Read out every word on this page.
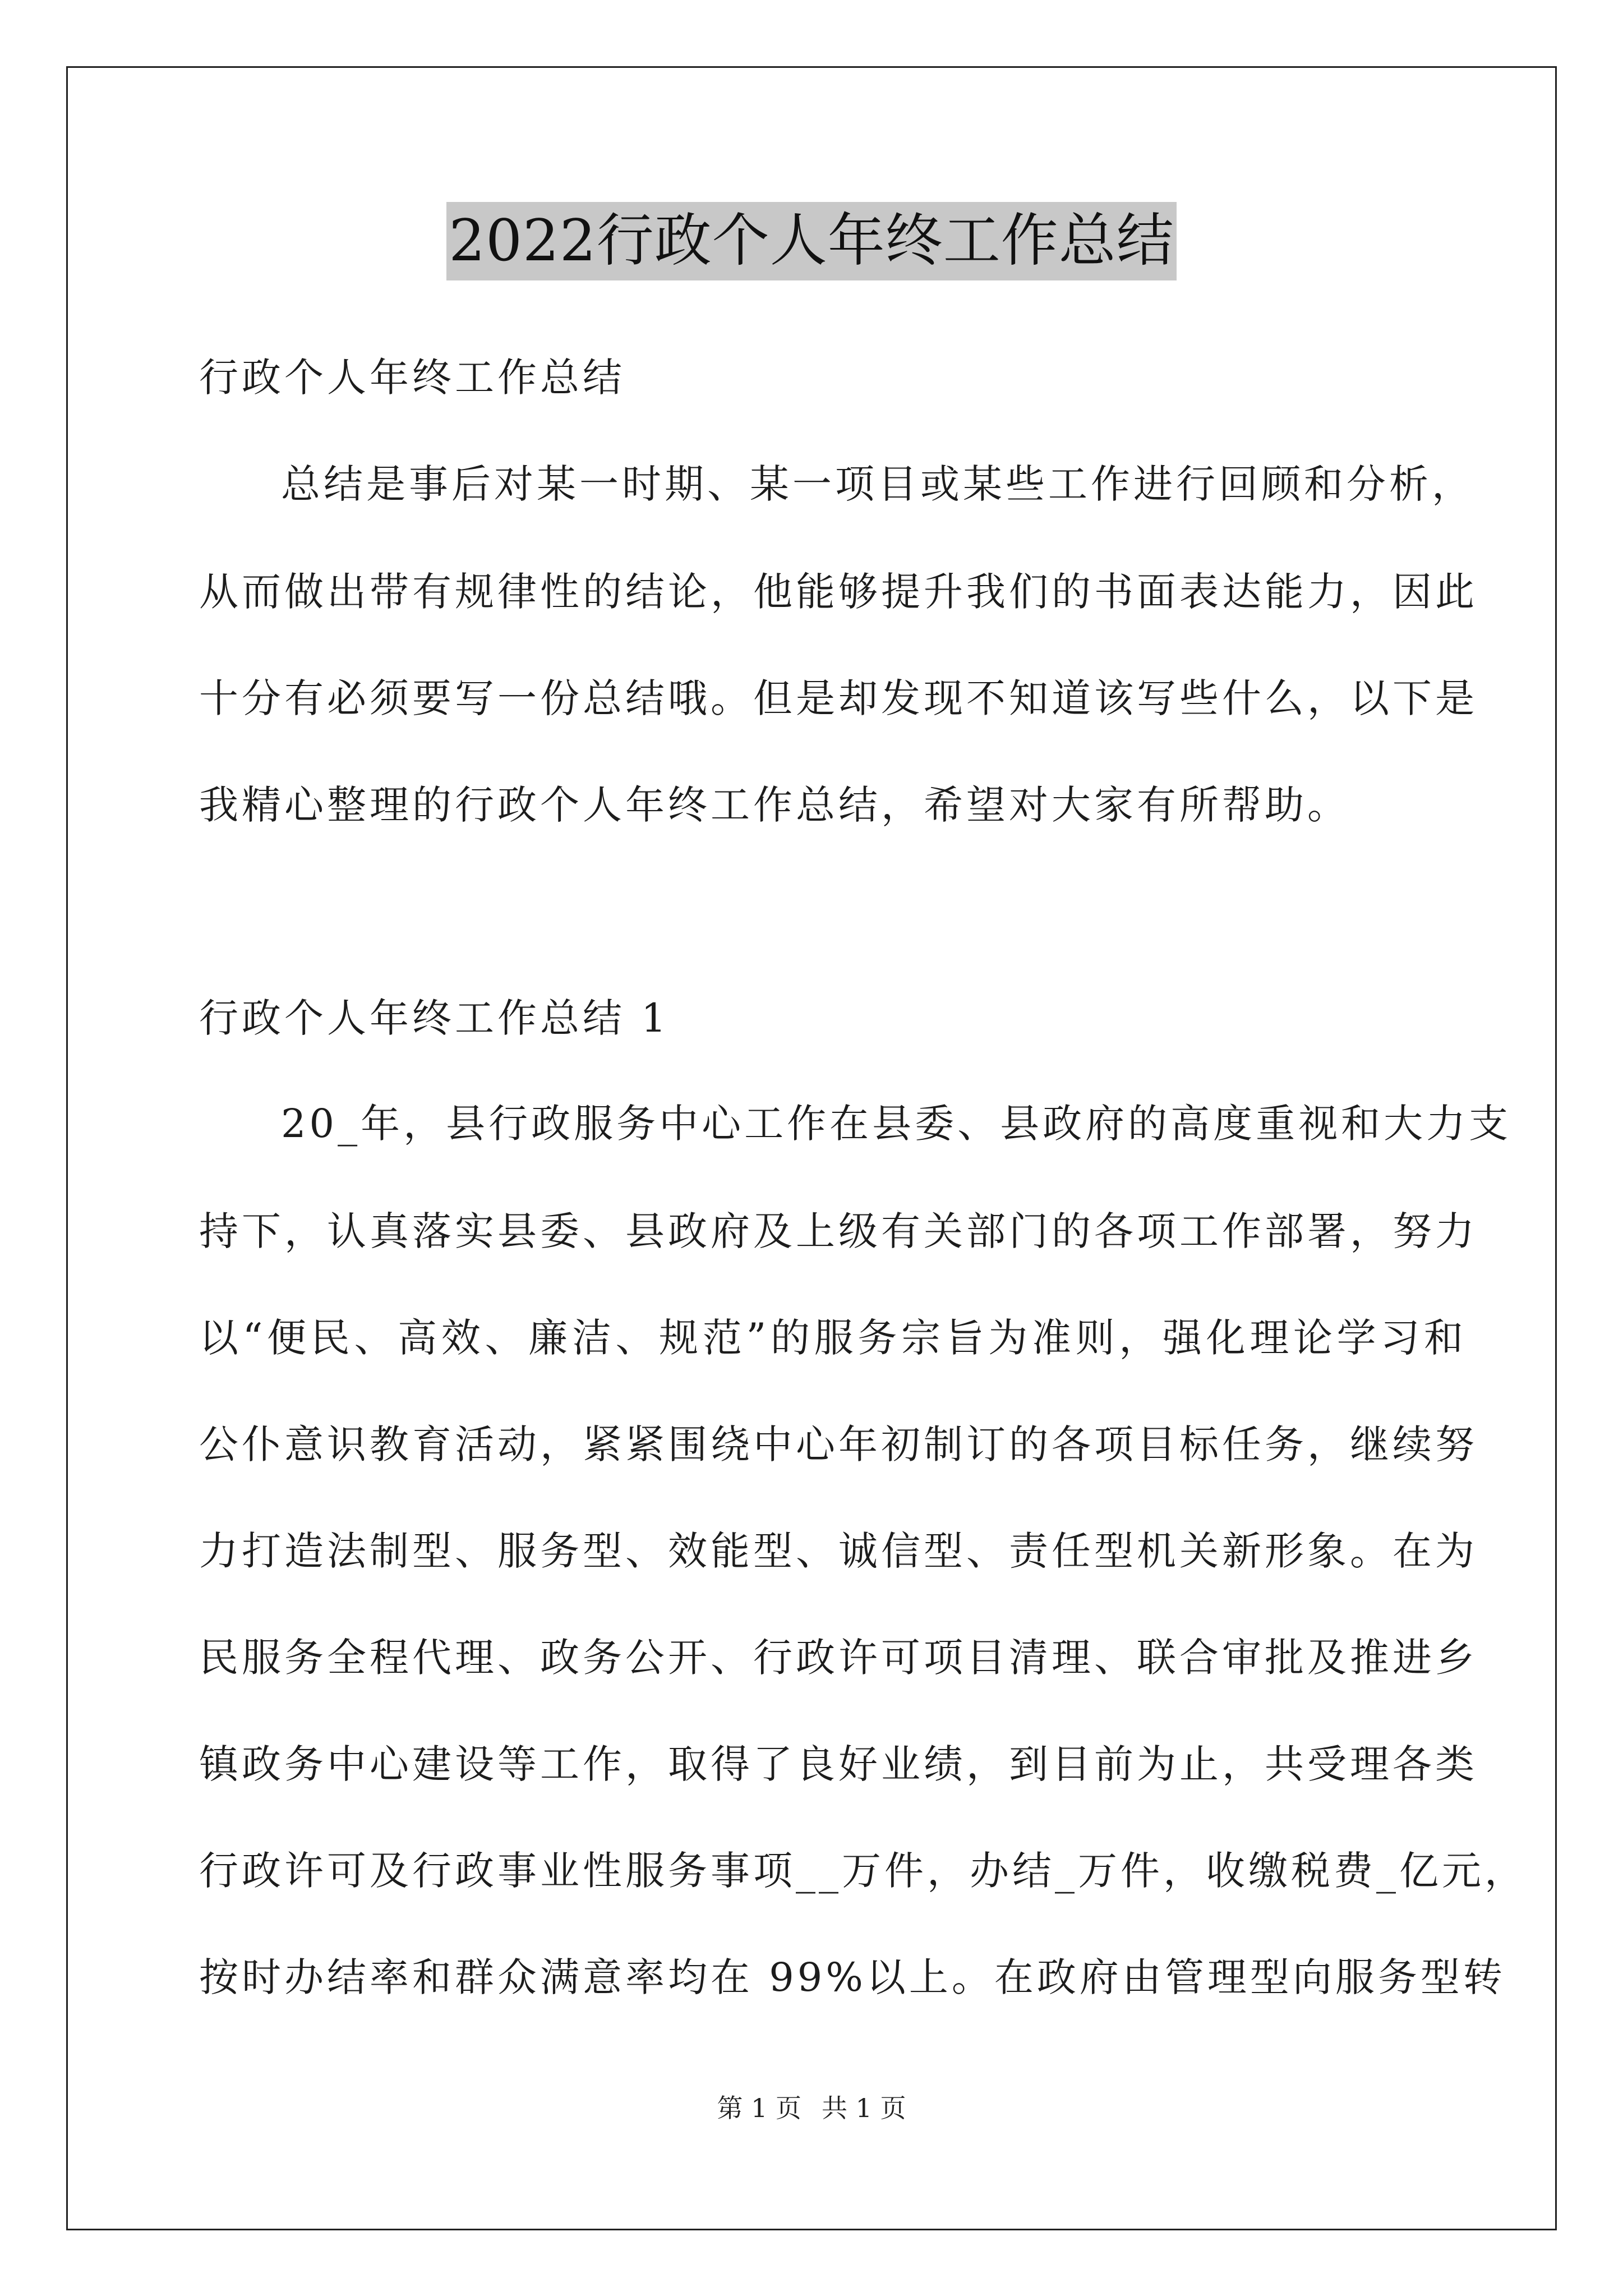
2022行政个人年终工作总结
行政个人年终工作总结
总结是事后对某一时期、某一项目或某些工作进行回顾和分析，
从而做出带有规律性的结论，他能够提升我们的书面表达能力，因此
十分有必须要写一份总结哦。但是却发现不知道该写些什么，以下是
我精心整理的行政个人年终工作总结，希望对大家有所帮助。
行政个人年终工作总结 1
20_年，县行政服务中心工作在县委、县政府的高度重视和大力支
持下，认真落实县委、县政府及上级有关部门的各项工作部署，努力
以“便民、高效、廉洁、规范”的服务宗旨为准则，强化理论学习和
公仆意识教育活动，紧紧围绕中心年初制订的各项目标任务，继续努
力打造法制型、服务型、效能型、诚信型、责任型机关新形象。在为
民服务全程代理、政务公开、行政许可项目清理、联合审批及推进乡
镇政务中心建设等工作，取得了良好业绩，到目前为止，共受理各类
行政许可及行政事业性服务事项__万件，办结_万件，收缴税费_亿元，
按时办结率和群众满意率均在 99%以上。在政府由管理型向服务型转
第 1 页 共 1 页
